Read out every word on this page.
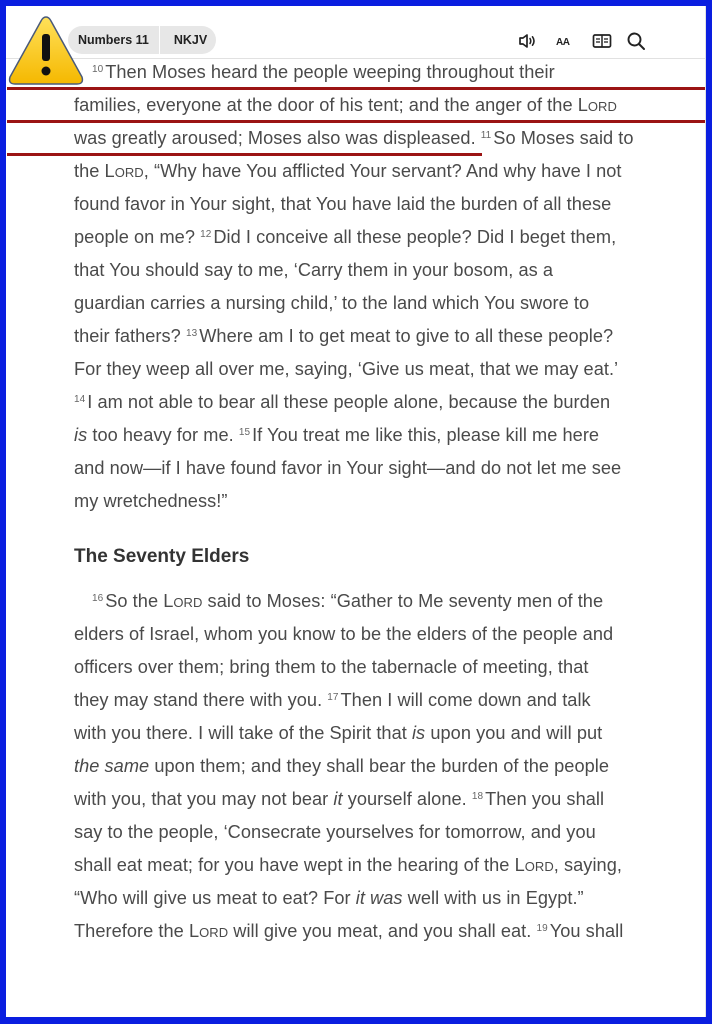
Numbers 11	NKJV	AA
$^{10}$ Then Moses heard the people weeping throughout their
families, everyone at the door of his tent; and the anger of the Lord
was greatly aroused; Moses also was displeased. $^{11}$ So Moses said to
the Lord, “Why have You afflicted Your servant? And why have I not
found favor in Your sight, that You have laid the burden of all these
people on me? $^{12}$ Did I conceive all these people? Did I beget them,
that You should say to me, ‘Carry them in your bosom, as a
guardian carries a nursing child,’ to the land which You swore to
their fathers? $^{13}$ Where am I to get meat to give to all these people?
For they weep all over me, saying, ‘Give us meat, that we may eat.’
$^{14}$ I am not able to bear all these people alone, because the burden
is too heavy for me. $^{15}$ If You treat me like this, please kill me here
and now—if I have found favor in Your sight—and do not let me see
my wretchedness!”
$^{16}$ So the Lord said to Moses: “Gather to Me seventy men of the
elders of Israel, whom you know to be the elders of the people and
officers over them; bring them to the tabernacle of meeting, that
they may stand there with you. $^{17}$ Then I will come down and talk
with you there. I will take of the Spirit that is upon you and will put
the same upon them; and they shall bear the burden of the people
with you, that you may not bear it yourself alone. $^{18}$ Then you shall
say to the people, ‘Consecrate yourselves for tomorrow, and you
shall eat meat; for you have wept in the hearing of the Lord, saying,
“Who will give us meat to eat? For it was well with us in Egypt.”
Therefore the Lord will give you meat, and you shall eat. $^{19}$ You shall
The Seventy Elders
